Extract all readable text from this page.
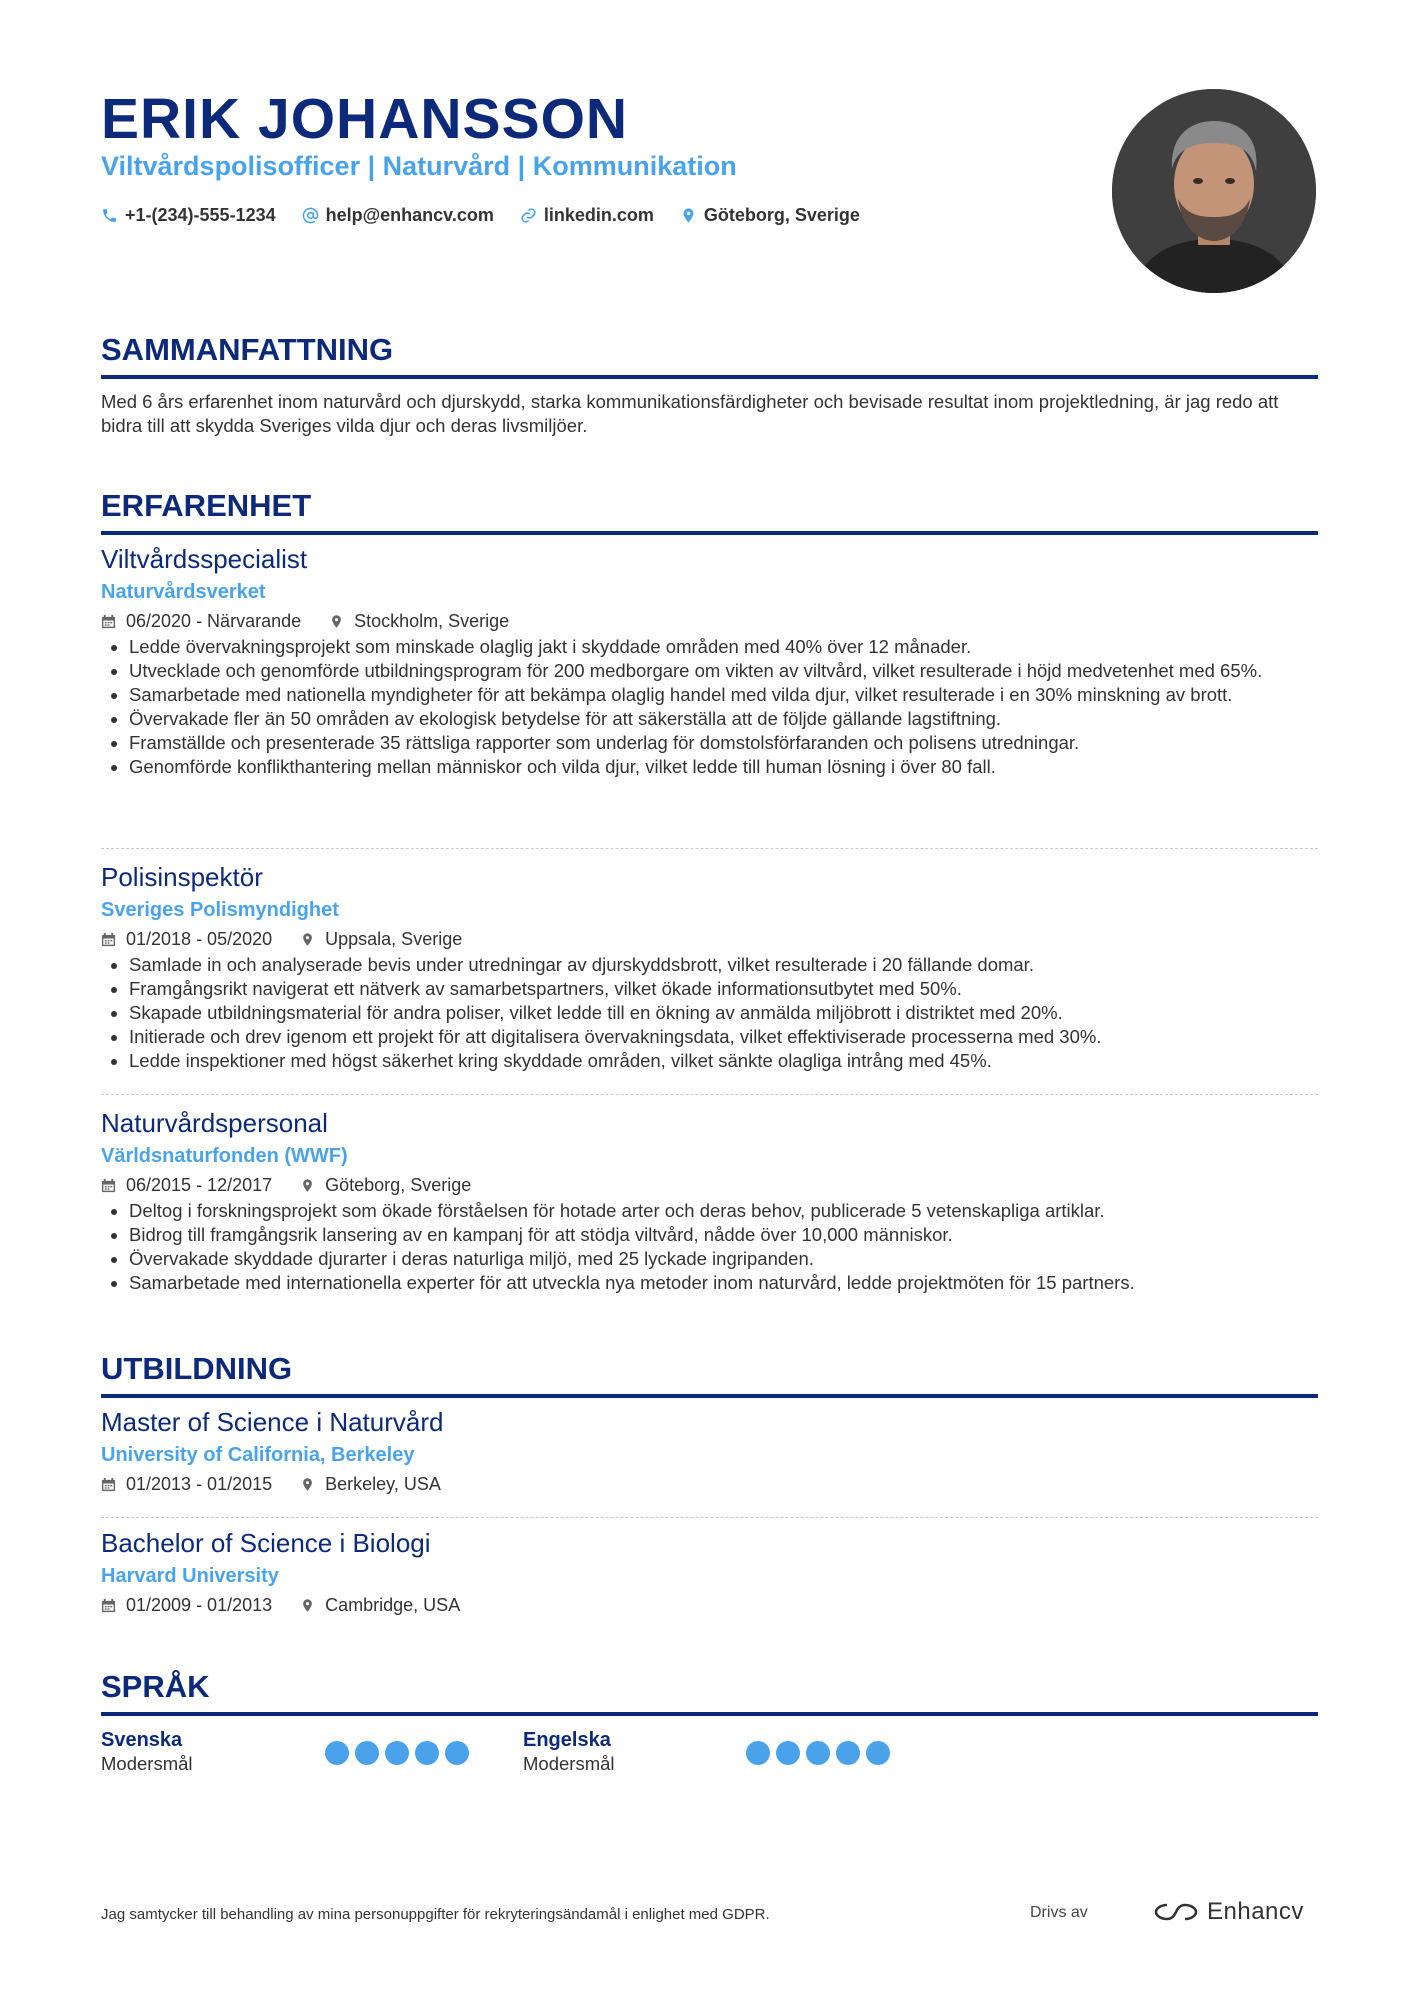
ERIK JOHANSSON
Viltvårdspolisofficer | Naturvård | Kommunikation
+1-(234)-555-1234	help@enhancv.com	linkedin.com	Göteborg, Sverige
SAMMANFATTNING

Med 6 års erfarenhet inom naturvård och djurskydd, starka kommunikationsfärdigheter och bevisade resultat inom projektledning, är jag redo att bidra till att skydda Sveriges vilda djur och deras livsmiljöer.

ERFARENHET
Viltvårdsspecialist
Naturvårdsverket
06/2020 - Närvarande	Stockholm, Sverige
• Ledde övervakningsprojekt som minskade olaglig jakt i skyddade områden med 40% över 12 månader.
• Utvecklade och genomförde utbildningsprogram för 200 medborgare om vikten av viltvård, vilket resulterade i höjd medvetenhet med 65%.
• Samarbetade med nationella myndigheter för att bekämpa olaglig handel med vilda djur, vilket resulterade i en 30% minskning av brott.
• Övervakade fler än 50 områden av ekologisk betydelse för att säkerställa att de följde gällande lagstiftning.
• Framställde och presenterade 35 rättsliga rapporter som underlag för domstolsförfaranden och polisens utredningar.
• Genomförde konflikthantering mellan människor och vilda djur, vilket ledde till human lösning i över 80 fall.
Polisinspektör
Sveriges Polismyndighet
01/2018 - 05/2020	Uppsala, Sverige
• Samlade in och analyserade bevis under utredningar av djurskyddsbrott, vilket resulterade i 20 fällande domar.
• Framgångsrikt navigerat ett nätverk av samarbetspartners, vilket ökade informationsutbytet med 50%.
• Skapade utbildningsmaterial för andra poliser, vilket ledde till en ökning av anmälda miljöbrott i distriktet med 20%.
• Initierade och drev igenom ett projekt för att digitalisera övervakningsdata, vilket effektiviserade processerna med 30%.
• Ledde inspektioner med högst säkerhet kring skyddade områden, vilket sänkte olagliga intrång med 45%.
Naturvårdspersonal
Världsnaturfonden (WWF)
06/2015 - 12/2017	Göteborg, Sverige
• Deltog i forskningsprojekt som ökade förståelsen för hotade arter och deras behov, publicerade 5 vetenskapliga artiklar.
• Bidrog till framgångsrik lansering av en kampanj för att stödja viltvård, nådde över 10,000 människor.
• Övervakade skyddade djurarter i deras naturliga miljö, med 25 lyckade ingripanden.
• Samarbetade med internationella experter för att utveckla nya metoder inom naturvård, ledde projektmöten för 15 partners.
UTBILDNING
Master of Science i Naturvård
University of California, Berkeley
01/2013 - 01/2015	Berkeley, USA
Bachelor of Science i Biologi
Harvard University
01/2009 - 01/2013	Cambridge, USA
SPRÅK
Svenska
Modersmål
Engelska
Modersmål
Jag samtycker till behandling av mina personuppgifter för rekryteringsändamål i enlighet med GDPR.	Drivs av	Enhancv
